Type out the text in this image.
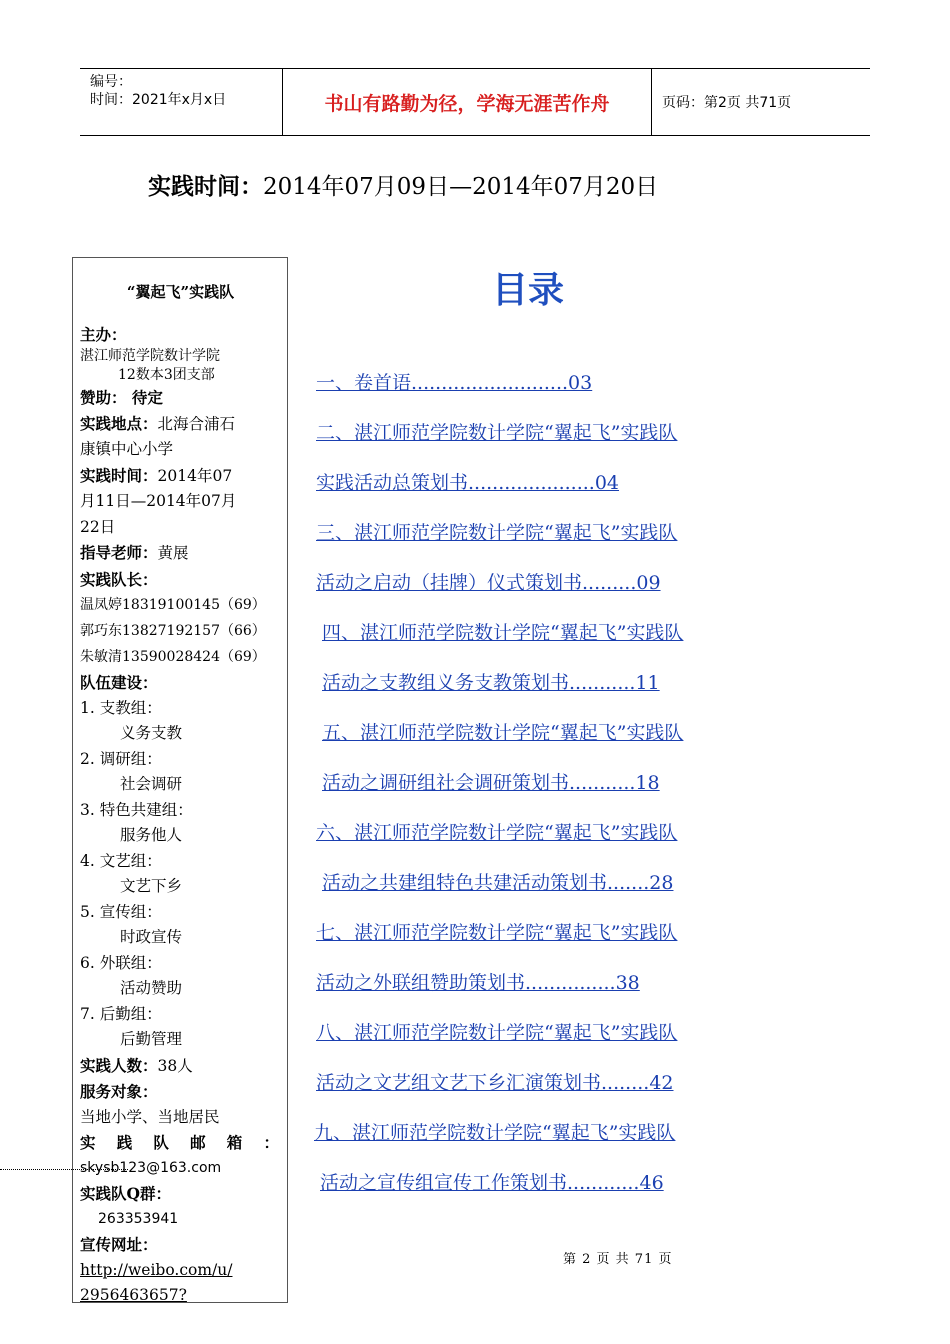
编号：
时间：2021年x月x日	书山有路勤为径，学海无涯苦作舟	页码：第2页 共71页
实践时间：2014年07月09日—2014年07月20日
“翼起飞”实践队

主办：

湛江师范学院数计学院

12数本3团支部

赞助： 待定

实践地点：北海合浦石

康镇中心小学

实践时间：2014年07

月11日—2014年07月

22日

指导老师：黄展

实践队长：

温凤婷18319100145（69）

郭巧东13827192157（66）

朱敏清13590028424（69）

队伍建设：

1. 支教组：

义务支教

2. 调研组：

社会调研

3. 特色共建组：

服务他人

4. 文艺组：

文艺下乡

5. 宣传组：

时政宣传

6. 外联组：

活动赞助

7. 后勤组：

后勤管理

实践人数：38人

服务对象：

当地小学、当地居民

实践队邮箱：

skysb123@163.com

实践队Q群：

263353941

宣传网址：

http://weibo.com/u/

2956463657?

目录
一、卷首语..........................03
二、湛江师范学院数计学院“翼起飞”实践队
实践活动总策划书.....................04
三、湛江师范学院数计学院“翼起飞”实践队
活动之启动（挂牌）仪式策划书.........09
四、湛江师范学院数计学院“翼起飞”实践队
活动之支教组义务支教策划书...........11
五、湛江师范学院数计学院“翼起飞”实践队
活动之调研组社会调研策划书...........18
六、湛江师范学院数计学院“翼起飞”实践队
活动之共建组特色共建活动策划书.......28
七、湛江师范学院数计学院“翼起飞”实践队
活动之外联组赞助策划书...............38
八、湛江师范学院数计学院“翼起飞”实践队
活动之文艺组文艺下乡汇演策划书........42
九、湛江师范学院数计学院“翼起飞”实践队
活动之宣传组宣传工作策划书............46
第 2 页 共 71 页
